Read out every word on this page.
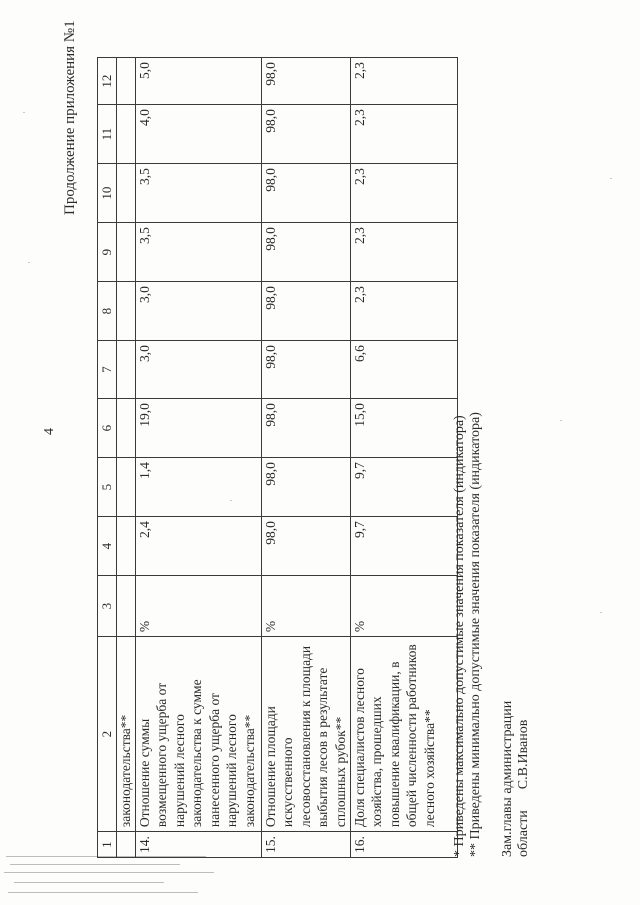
4
Продолжение приложения №1
1	2	3	4	5	6	7	8	9	10	11	12
	законодательства**										
14.	Отношение суммы возмещенного ущерба от нарушений лесного законодательства к сумме нанесенного ущерба от нарушений лесного законодательства**	%	2,4	1,4	19,0	3,0	3,0	3,5	3,5	4,0	5,0
15.	Отношение площади искусственного лесовосстановления к площади выбытия лесов в результате сплошных рубок**	%	98,0	98,0	98,0	98,0	98,0	98,0	98,0	98,0	98,0
16.	Доля специалистов лесного хозяйства, прошедших повышение квалификации, в общей численности работников лесного хозяйства**	%	9,7	9,7	15,0	6,6	2,3	2,3	2,3	2,3	2,3
* Приведены максимально допустимые значения показателя (индикатора) ** Приведены минимально допустимые значения показателя (индикатора) Зам.главы администрации области  С.В.Иванов
